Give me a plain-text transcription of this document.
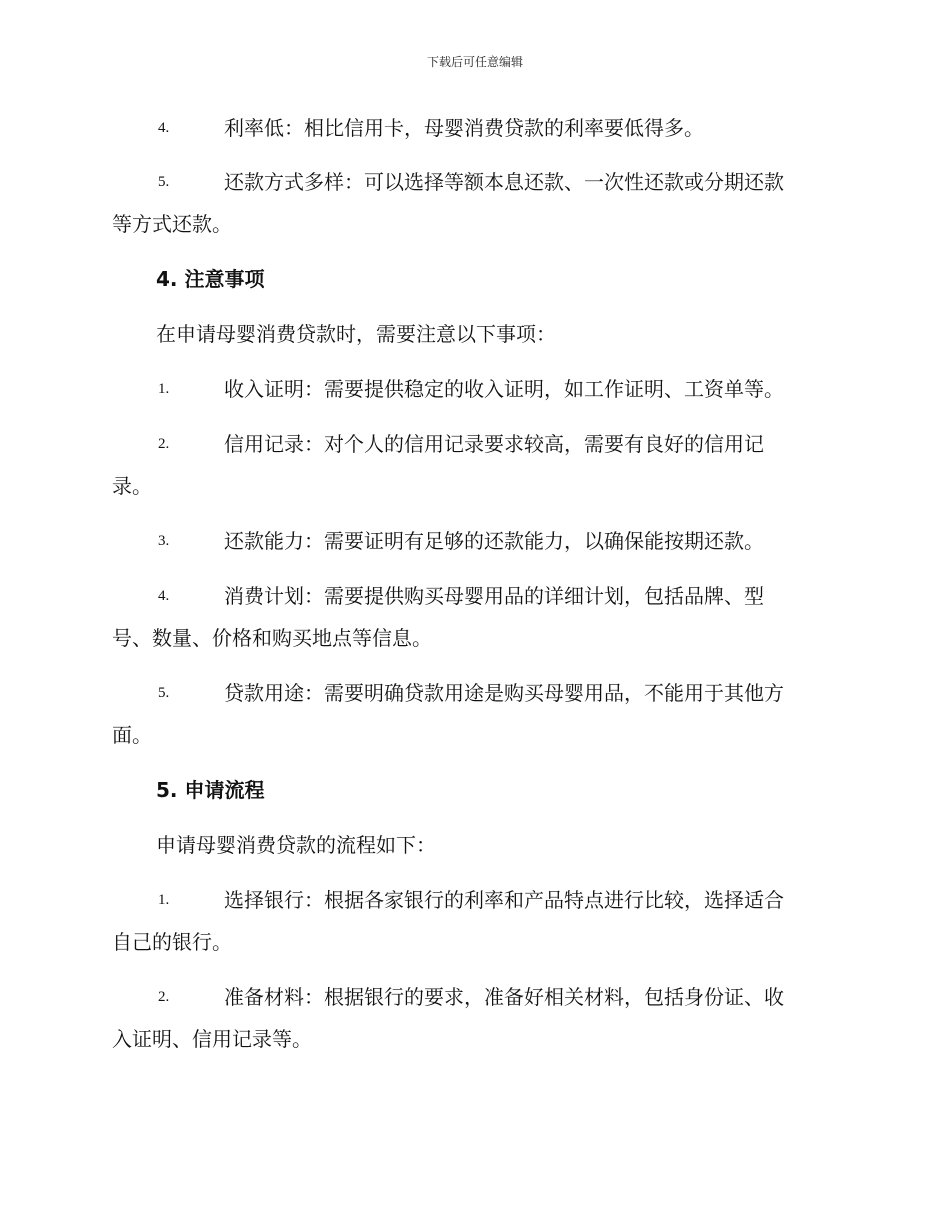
下载后可任意编辑
4.	利率低：相比信用卡，母婴消费贷款的利率要低得多。
5.	还款方式多样：可以选择等额本息还款、一次性还款或分期还款
等方式还款。
4. 注意事项
在申请母婴消费贷款时，需要注意以下事项：
1.	收入证明：需要提供稳定的收入证明，如工作证明、工资单等。
2.	信用记录：对个人的信用记录要求较高，需要有良好的信用记
录。
3.	还款能力：需要证明有足够的还款能力，以确保能按期还款。
4.	消费计划：需要提供购买母婴用品的详细计划，包括品牌、型
号、数量、价格和购买地点等信息。
5.	贷款用途：需要明确贷款用途是购买母婴用品，不能用于其他方
面。
5. 申请流程
申请母婴消费贷款的流程如下：
1.	选择银行：根据各家银行的利率和产品特点进行比较，选择适合
自己的银行。
2.	准备材料：根据银行的要求，准备好相关材料，包括身份证、收
入证明、信用记录等。
